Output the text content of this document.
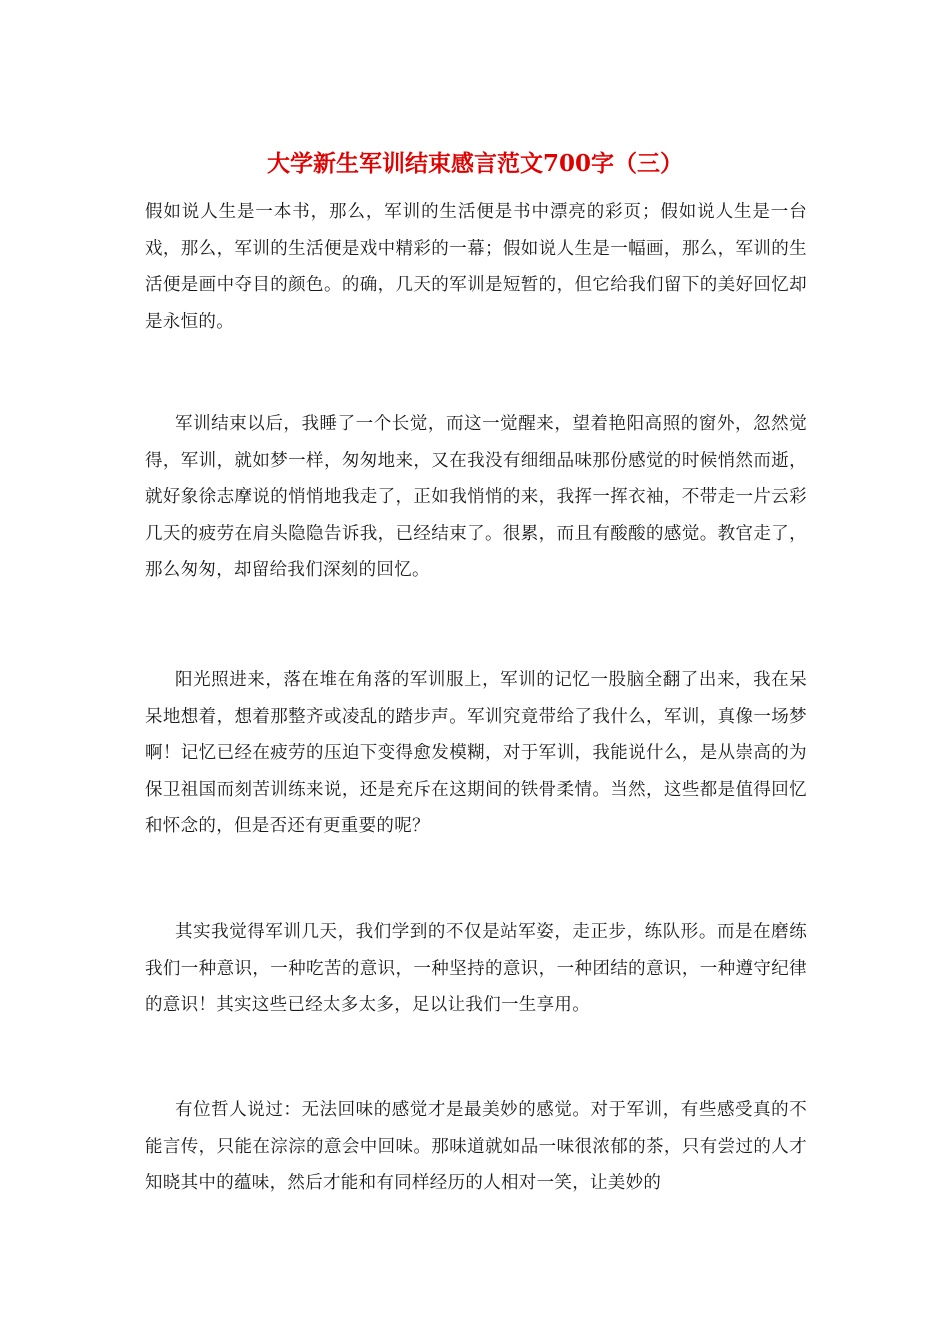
大学新生军训结束感言范文700字（三）

假如说人生是一本书，那么，军训的生活便是书中漂亮的彩页；假如说人生是一台戏，那么，军训的生活便是戏中精彩的一幕；假如说人生是一幅画，那么，军训的生活便是画中夺目的颜色。的确，几天的军训是短暂的，但它给我们留下的美好回忆却是永恒的。

军训结束以后，我睡了一个长觉，而这一觉醒来，望着艳阳高照的窗外，忽然觉得，军训，就如梦一样，匆匆地来，又在我没有细细品味那份感觉的时候悄然而逝，就好象徐志摩说的悄悄地我走了，正如我悄悄的来，我挥一挥衣袖，不带走一片云彩几天的疲劳在肩头隐隐告诉我，已经结束了。很累，而且有酸酸的感觉。教官走了，那么匆匆，却留给我们深刻的回忆。

阳光照进来，落在堆在角落的军训服上，军训的记忆一股脑全翻了出来，我在呆呆地想着，想着那整齐或凌乱的踏步声。军训究竟带给了我什么，军训，真像一场梦啊！记忆已经在疲劳的压迫下变得愈发模糊，对于军训，我能说什么，是从崇高的为保卫祖国而刻苦训练来说，还是充斥在这期间的铁骨柔情。当然，这些都是值得回忆和怀念的，但是否还有更重要的呢？

其实我觉得军训几天，我们学到的不仅是站军姿，走正步，练队形。而是在磨练我们一种意识，一种吃苦的意识，一种坚持的意识，一种团结的意识，一种遵守纪律的意识！其实这些已经太多太多，足以让我们一生享用。

有位哲人说过：无法回味的感觉才是最美妙的感觉。对于军训，有些感受真的不能言传，只能在淙淙的意会中回味。那味道就如品一味很浓郁的茶，只有尝过的人才知晓其中的蕴味，然后才能和有同样经历的人相对一笑，让美妙的
